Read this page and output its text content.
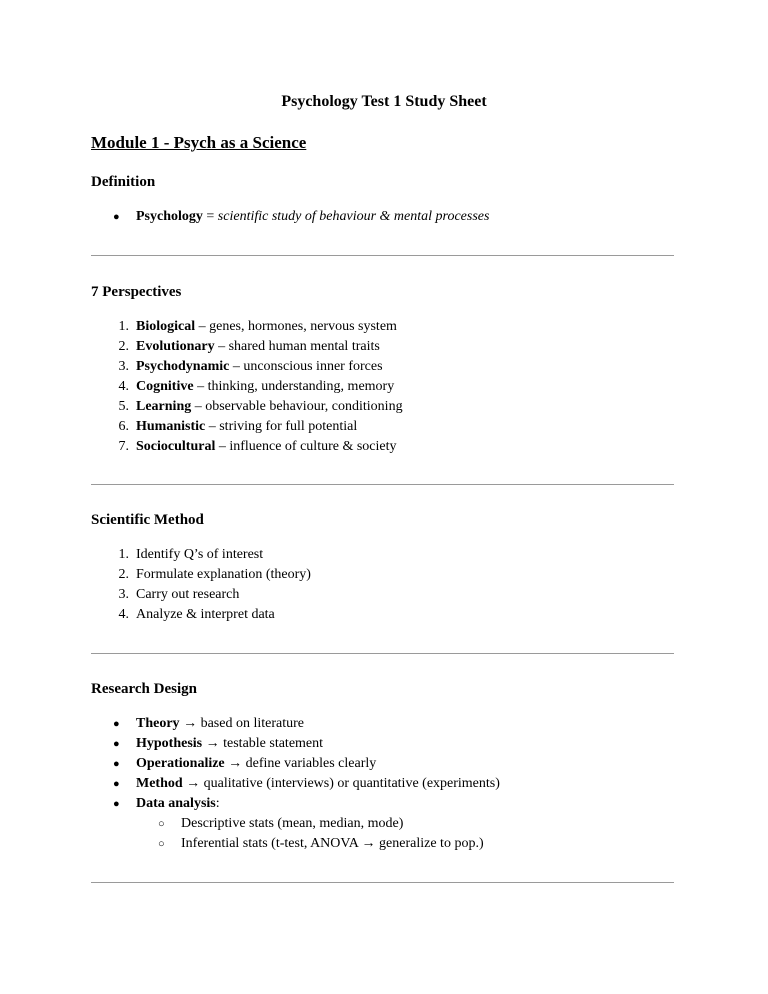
Psychology Test 1 Study Sheet
Module 1 - Psych as a Science
Definition
● Psychology = scientific study of behaviour & mental processes
7 Perspectives
1. Biological – genes, hormones, nervous system
2. Evolutionary – shared human mental traits
3. Psychodynamic – unconscious inner forces
4. Cognitive – thinking, understanding, memory
5. Learning – observable behaviour, conditioning
6. Humanistic – striving for full potential
7. Sociocultural – influence of culture & society
Scientific Method
1. Identify Q’s of interest
2. Formulate explanation (theory)
3. Carry out research
4. Analyze & interpret data
Research Design
● Theory → based on literature
● Hypothesis → testable statement
● Operationalize → define variables clearly
● Method → qualitative (interviews) or quantitative (experiments)
● Data analysis:
○ Descriptive stats (mean, median, mode)
○ Inferential stats (t-test, ANOVA → generalize to pop.)
